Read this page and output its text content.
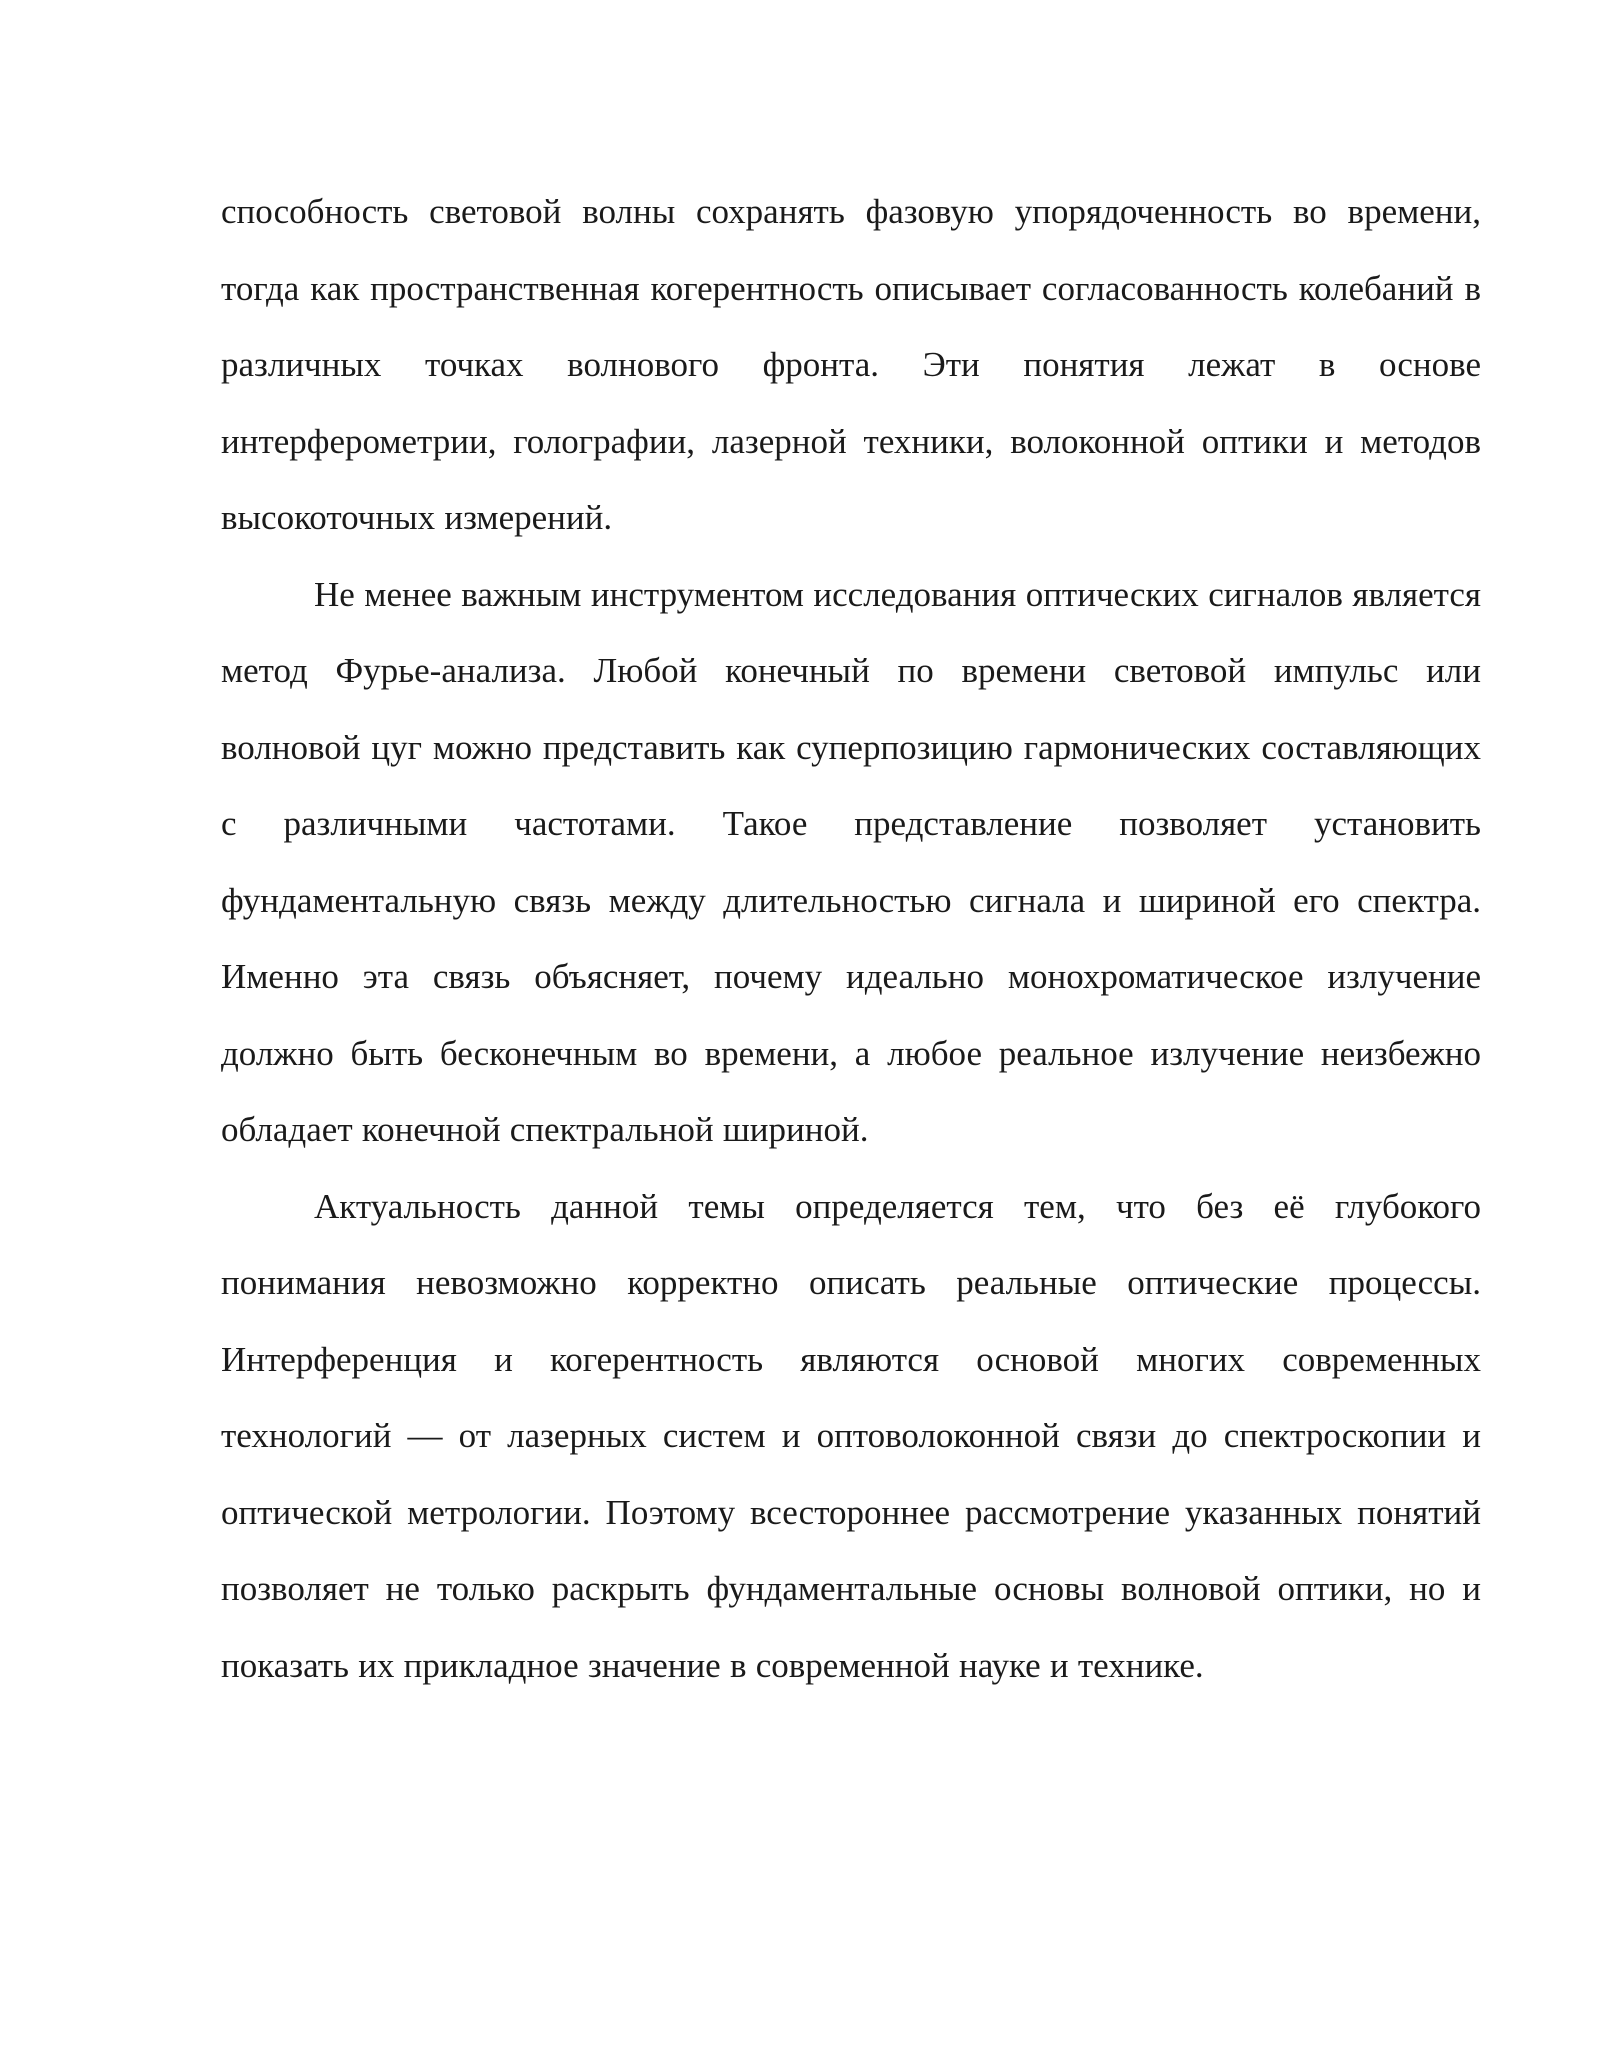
способность световой волны сохранять фазовую упорядоченность во времени, тогда как пространственная когерентность описывает согласованность колебаний в различных точках волнового фронта. Эти понятия лежат в основе интерферометрии, голографии, лазерной техники, волоконной оптики и методов высокоточных измерений.

Не менее важным инструментом исследования оптических сигналов является метод Фурье-анализа. Любой конечный по времени световой импульс или волновой цуг можно представить как суперпозицию гармонических составляющих с различными частотами. Такое представление позволяет установить фундаментальную связь между длительностью сигнала и шириной его спектра. Именно эта связь объясняет, почему идеально монохроматическое излучение должно быть бесконечным во времени, а любое реальное излучение неизбежно обладает конечной спектральной шириной.

Актуальность данной темы определяется тем, что без её глубокого понимания невозможно корректно описать реальные оптические процессы. Интерференция и когерентность являются основой многих современных технологий — от лазерных систем и оптоволоконной связи до спектроскопии и оптической метрологии. Поэтому всестороннее рассмотрение указанных понятий позволяет не только раскрыть фундаментальные основы волновой оптики, но и показать их прикладное значение в современной науке и технике.
